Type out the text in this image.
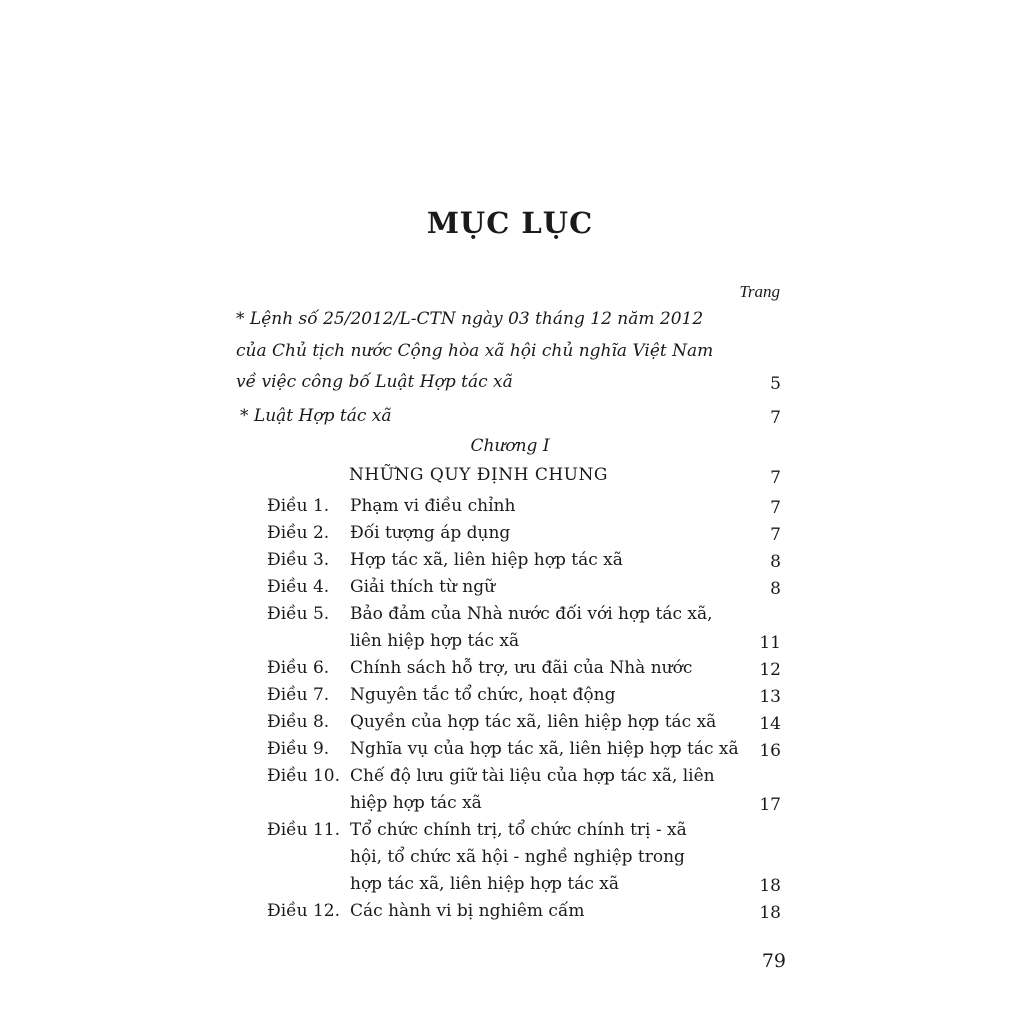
MỤC LỤC
Trang
* Lệnh số 25/2012/L-CTN ngày 03 tháng 12 năm 2012
của Chủ tịch nước Cộng hòa xã hội chủ nghĩa Việt Nam
về việc công bố Luật Hợp tác xã	5
* Luật Hợp tác xã	7
Chương I
NHỮNG QUY ĐỊNH CHUNG	7
Điều 1. Phạm vi điều chỉnh	7
Điều 2. Đối tượng áp dụng	7
Điều 3. Hợp tác xã, liên hiệp hợp tác xã	8
Điều 4. Giải thích từ ngữ	8
Điều 5. Bảo đảm của Nhà nước đối với hợp tác xã,
liên hiệp hợp tác xã	11
Điều 6. Chính sách hỗ trợ, ưu đãi của Nhà nước	12
Điều 7. Nguyên tắc tổ chức, hoạt động	13
Điều 8. Quyền của hợp tác xã, liên hiệp hợp tác xã	14
Điều 9. Nghĩa vụ của hợp tác xã, liên hiệp hợp tác xã 16
Điều 10. Chế độ lưu giữ tài liệu của hợp tác xã, liên
hiệp hợp tác xã	17
Điều 11. Tổ chức chính trị, tổ chức chính trị - xã
hội, tổ chức xã hội - nghề nghiệp trong
hợp tác xã, liên hiệp hợp tác xã	18
Điều 12. Các hành vi bị nghiêm cấm	18
79
